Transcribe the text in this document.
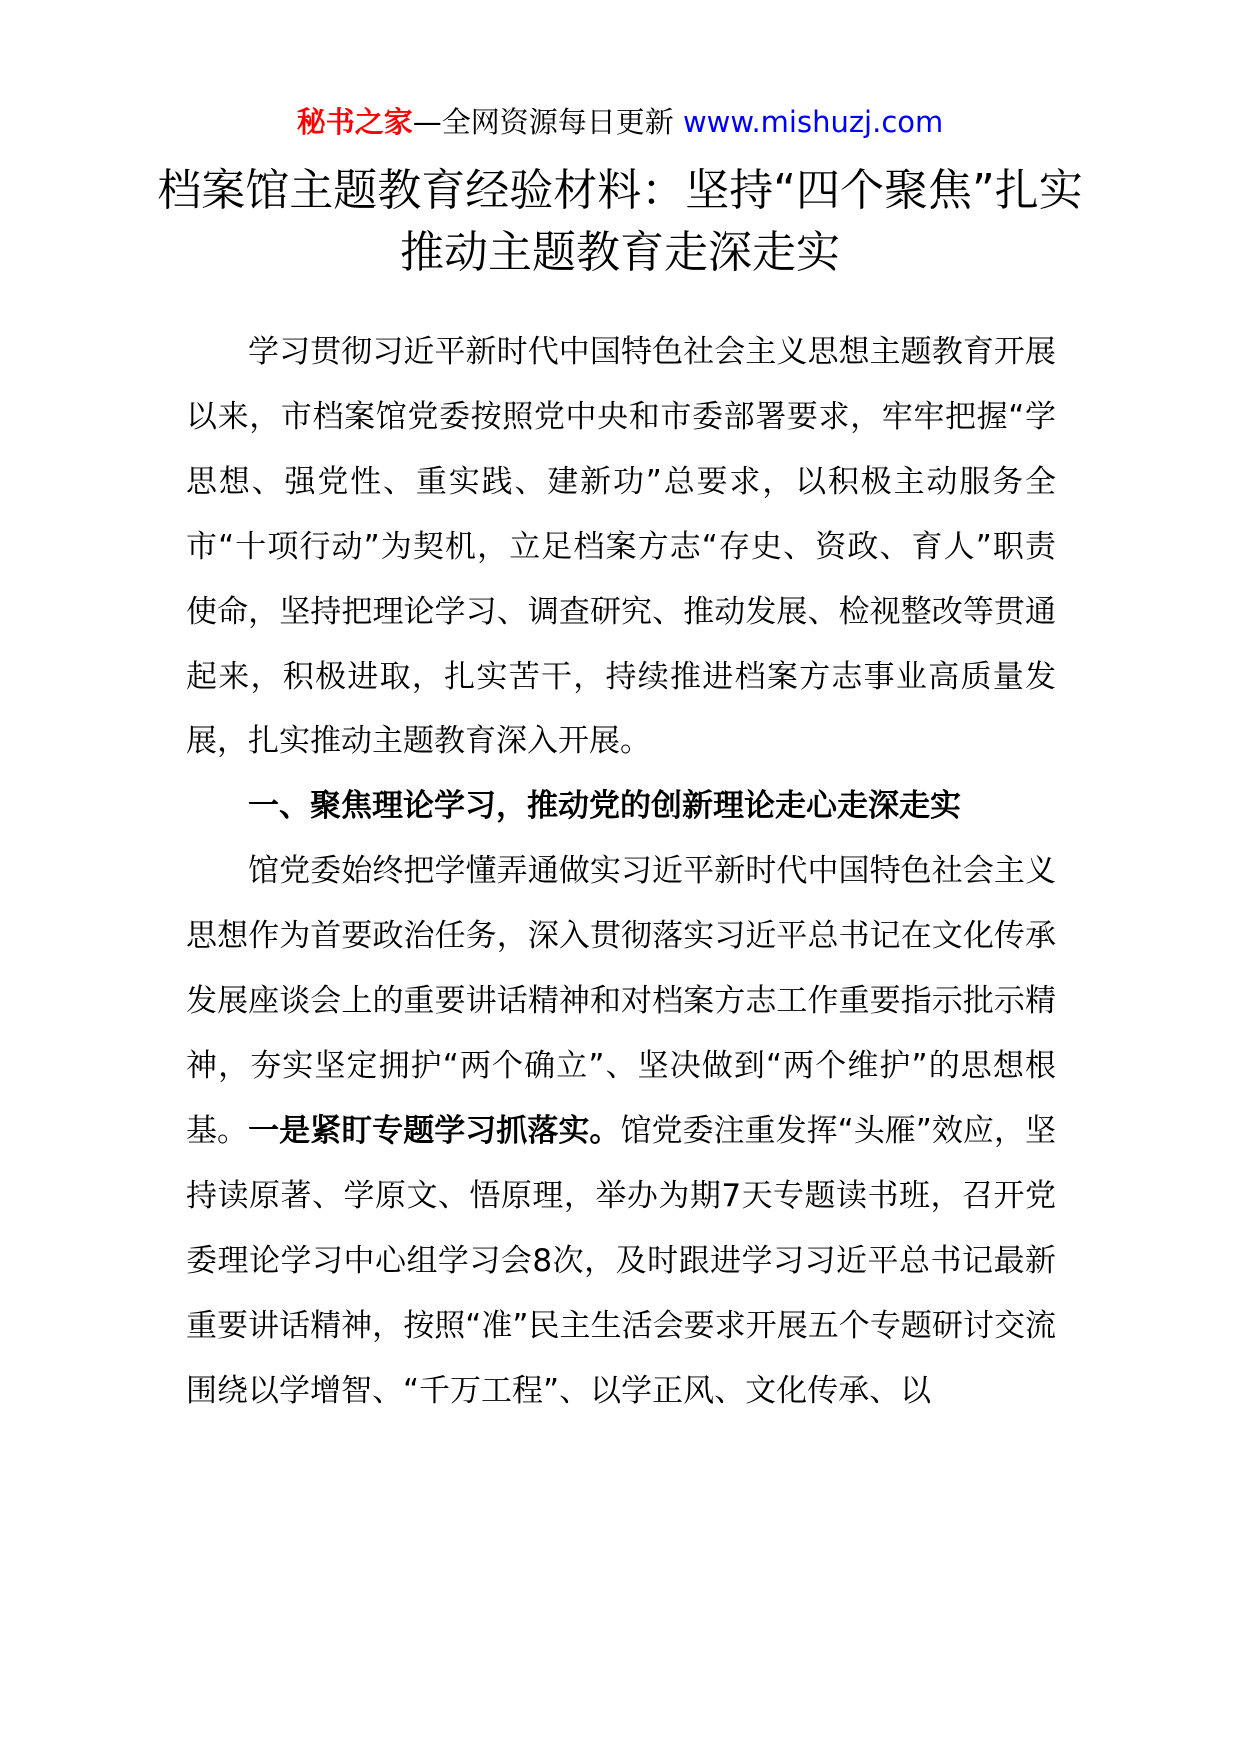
秘书之家—全网资源每日更新 www.mishuzj.com
档案馆主题教育经验材料：坚持“四个聚焦”扎实推动主题教育走深走实

学习贯彻习近平新时代中国特色社会主义思想主题教育开展以来，市档案馆党委按照党中央和市委部署要求，牢牢把握“学思想、强党性、重实践、建新功”总要求，以积极主动服务全市“十项行动”为契机，立足档案方志“存史、资政、育人”职责使命，坚持把理论学习、调查研究、推动发展、检视整改等贯通起来，积极进取，扎实苦干，持续推进档案方志事业高质量发展，扎实推动主题教育深入开展。

一、聚焦理论学习，推动党的创新理论走心走深走实

馆党委始终把学懂弄通做实习近平新时代中国特色社会主义思想作为首要政治任务，深入贯彻落实习近平总书记在文化传承发展座谈会上的重要讲话精神和对档案方志工作重要指示批示精神，夯实坚定拥护“两个确立”、坚决做到“两个维护”的思想根基。一是紧盯专题学习抓落实。馆党委注重发挥“头雁”效应，坚持读原著、学原文、悟原理，举办为期7天专题读书班，召开党委理论学习中心组学习会8次，及时跟进学习习近平总书记最新重要讲话精神，按照“准”民主生活会要求开展五个专题研讨交流围绕以学增智、“千万工程”、以学正风、文化传承、以
